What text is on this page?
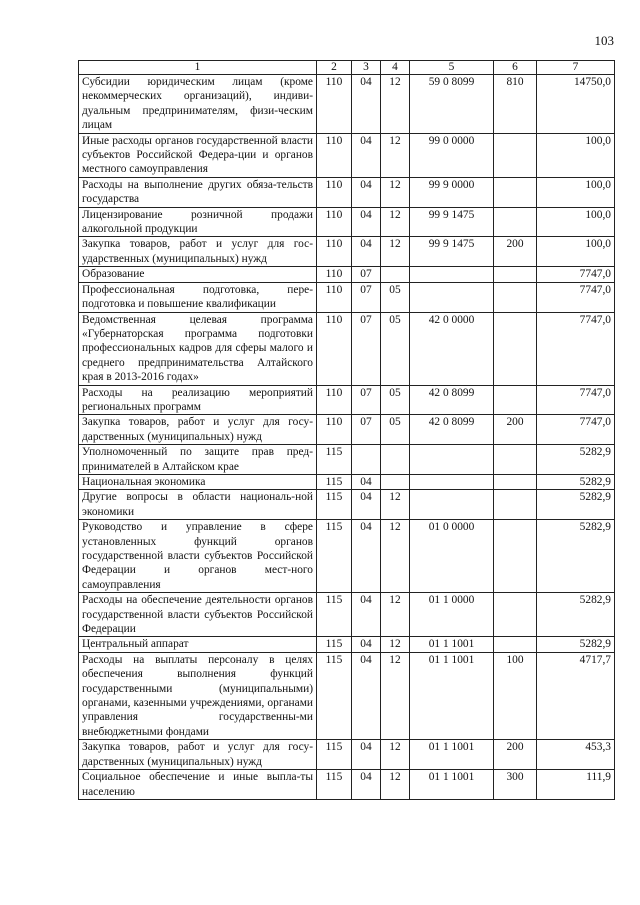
103
1	2	3	4	5	6	7
Субсидии юридическим лицам (кроме некоммерческих организаций), индиви-дуальным предпринимателям, физи-ческим лицам	110	04	12	59 0 8099	810	14750,0
Иные расходы органов государственной власти субъектов Российской Федера-ции и органов местного самоуправления	110	04	12	99 0 0000		100,0
Расходы на выполнение других обяза-тельств государства	110	04	12	99 9 0000		100,0
Лицензирование розничной продажи алкогольной продукции	110	04	12	99 9 1475		100,0
Закупка товаров, работ и услуг для гос-ударственных (муниципальных) нужд	110	04	12	99 9 1475	200	100,0
Образование	110	07				7747,0
Профессиональная подготовка, пере-подготовка и повышение квалификации	110	07	05			7747,0
Ведомственная целевая программа «Губернаторская программа подготовки профессиональных кадров для сферы малого и среднего предпринимательства Алтайского края в 2013-2016 годах»	110	07	05	42 0 0000		7747,0
Расходы на реализацию мероприятий региональных программ	110	07	05	42 0 8099		7747,0
Закупка товаров, работ и услуг для госу-дарственных (муниципальных) нужд	110	07	05	42 0 8099	200	7747,0
Уполномоченный по защите прав пред-принимателей в Алтайском крае	115					5282,9
Национальная экономика	115	04				5282,9
Другие вопросы в области националь-ной экономики	115	04	12			5282,9
Руководство и управление в сфере установленных функций органов государственной власти субъектов Российской Федерации и органов мест-ного самоуправления	115	04	12	01 0 0000		5282,9
Расходы на обеспечение деятельности органов государственной власти субъектов Российской Федерации	115	04	12	01 1 0000		5282,9
Центральный аппарат	115	04	12	01 1 1001		5282,9
Расходы на выплаты персоналу в целях обеспечения выполнения функций государственными (муниципальными) органами, казенными учреждениями, органами управления государственны-ми внебюджетными фондами	115	04	12	01 1 1001	100	4717,7
Закупка товаров, работ и услуг для госу-дарственных (муниципальных) нужд	115	04	12	01 1 1001	200	453,3
Социальное обеспечение и иные выпла-ты населению	115	04	12	01 1 1001	300	111,9
